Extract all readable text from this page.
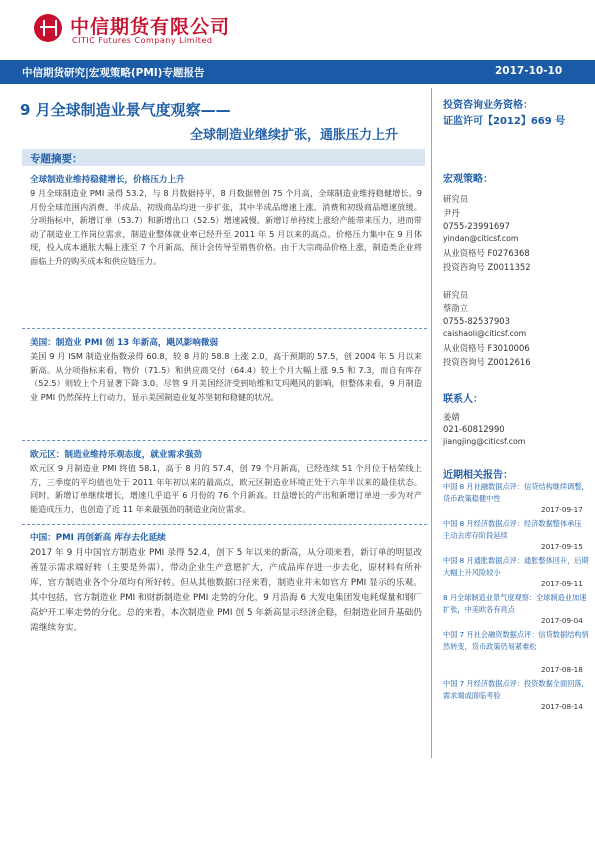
中信期货有限公司
CITIC Futures Company Limited
中信期货研究|宏观策略(PMI)专题报告	2017-10-10
9 月全球制造业景气度观察——
全球制造业继续扩张，通胀压力上升
专题摘要：
全球制造业维持稳健增长，价格压力上升
9 月全球制造业 PMI 录得 53.2，与 8 月数据持平，8 月数据曾创 75 个月高，全球制造业维持稳健增长。9 月份全球范围内消费、半成品、初级商品均进一步扩张，其中半成品增速上涨，消费和初级商品增速放缓。分项指标中，新增订单（53.7）和新增出口（52.5）增速减慢。新增订单持续上涨给产能带来压力，进而带动了制造业工作岗位需求，制造业整体就业率已经升至 2011 年 5 月以来的高点。价格压力集中在 9 月体现，投入成本通胀大幅上涨至 7 个月新高，预计会传导至销售价格。由于大宗商品价格上涨，制造类企业将面临上升的购买成本和供应链压力。
美国：制造业 PMI 创 13 年新高，飓风影响微弱
美国 9 月 ISM 制造业指数录得 60.8，较 8 月的 58.8 上涨 2.0，高于预期的 57.5，创 2004 年 5 月以来新高。从分项指标来看，物价（71.5）和供应商交付（64.4）较上个月大幅上涨 9.5 和 7.3，而自有库存（52.5）则较上个月显著下降 3.0。尽管 9 月美国经济受到哈维和艾玛飓风的影响，但整体来看，9 月制造业 PMI 仍然保持上行动力，显示美国制造业复苏坚韧和稳健的状况。
欧元区：制造业维持乐观态度，就业需求强劲
欧元区 9 月制造业 PMI 终值 58.1，高于 8 月的 57.4，创 79 个月新高，已经连续 51 个月位于枯荣线上方，三季度的平均值也处于 2011 年年初以来的最高点，欧元区制造业环境正处于六年半以来的最佳状态。同时，新增订单继续增长，增速几乎追平 6 月份的 76 个月新高。日益增长的产出和新增订单进一步为对产能造成压力，也创造了近 11 年来最强劲的制造业岗位需求。
中国：PMI 再创新高 库存去化延续
2017 年 9 月中国官方制造业 PMI 录得 52.4，创下 5 年以来的新高，从分项来看，新订单的明显改善显示需求端好转（主要是外需），带动企业生产意愿扩大，产成品库存进一步去化，原材料有所补库，官方制造业各个分项均有所好转。但从其他数据口径来看，制造业并未如官方 PMI 显示的乐观。其中包括，官方制造业 PMI 和财新制造业 PMI 走势的分化，9 月沿海 6 大发电集团发电耗煤量和钢厂高炉开工率走势的分化。总的来看，本次制造业 PMI 创 5 年新高显示经济企稳，但制造业回升基础仍需继续夯实。
投资咨询业务资格：
证监许可【2012】669 号
宏观策略：
研究员
尹丹
0755-23991697
yindan@citicsf.com
从业资格号 F0276368
投资咨询号 Z0011352
研究员
蔡劭立
0755-82537903
caishaoli@citicsf.com
从业资格号 F3010006
投资咨询号 Z0012616
联系人：
姜婧
021-60812990
jiangjing@citicsf.com
近期相关报告：
中国 8 月社融数据点评：信贷结构继续调整，货币政策稳健中性
2017-09-17
中国 8 月经济数据点评：经济数据整体承压 主动去库存阶段延续
2017-09-15
中国 8 月通胀数据点评：通胀整体回升，后期大幅上升风险较小
2017-09-11
8 月全球制造业景气度观察：全球制造业加速扩张，中美欧各有亮点
2017-09-04
中国 7 月社会融资数据点评：信贷数据结构悄然转变，货币政策仍易紧难松
2017-08-18
中国 7 月经济数据点评：投资数据全面回落，需求端或面临考验
2017-08-14
